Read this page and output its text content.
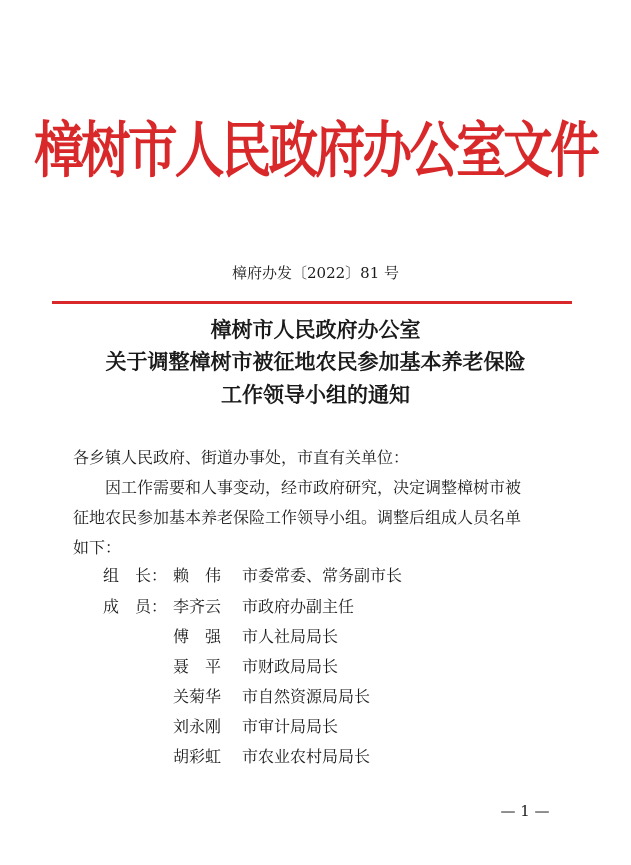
樟树市人民政府办公室文件
樟府办发〔2022〕81 号
樟树市人民政府办公室
关于调整樟树市被征地农民参加基本养老保险
工作领导小组的通知
各乡镇人民政府、街道办事处，市直有关单位：
因工作需要和人事变动，经市政府研究，决定调整樟树市被
征地农民参加基本养老保险工作领导小组。调整后组成人员名单
如下：
组　长： 赖　伟 市委常委、常务副市长
成　员： 李齐云 市政府办副主任
傅　强 市人社局局长
聂　平 市财政局局长
关菊华 市自然资源局局长
刘永刚 市审计局局长
胡彩虹 市农业农村局局长
— 1 —
